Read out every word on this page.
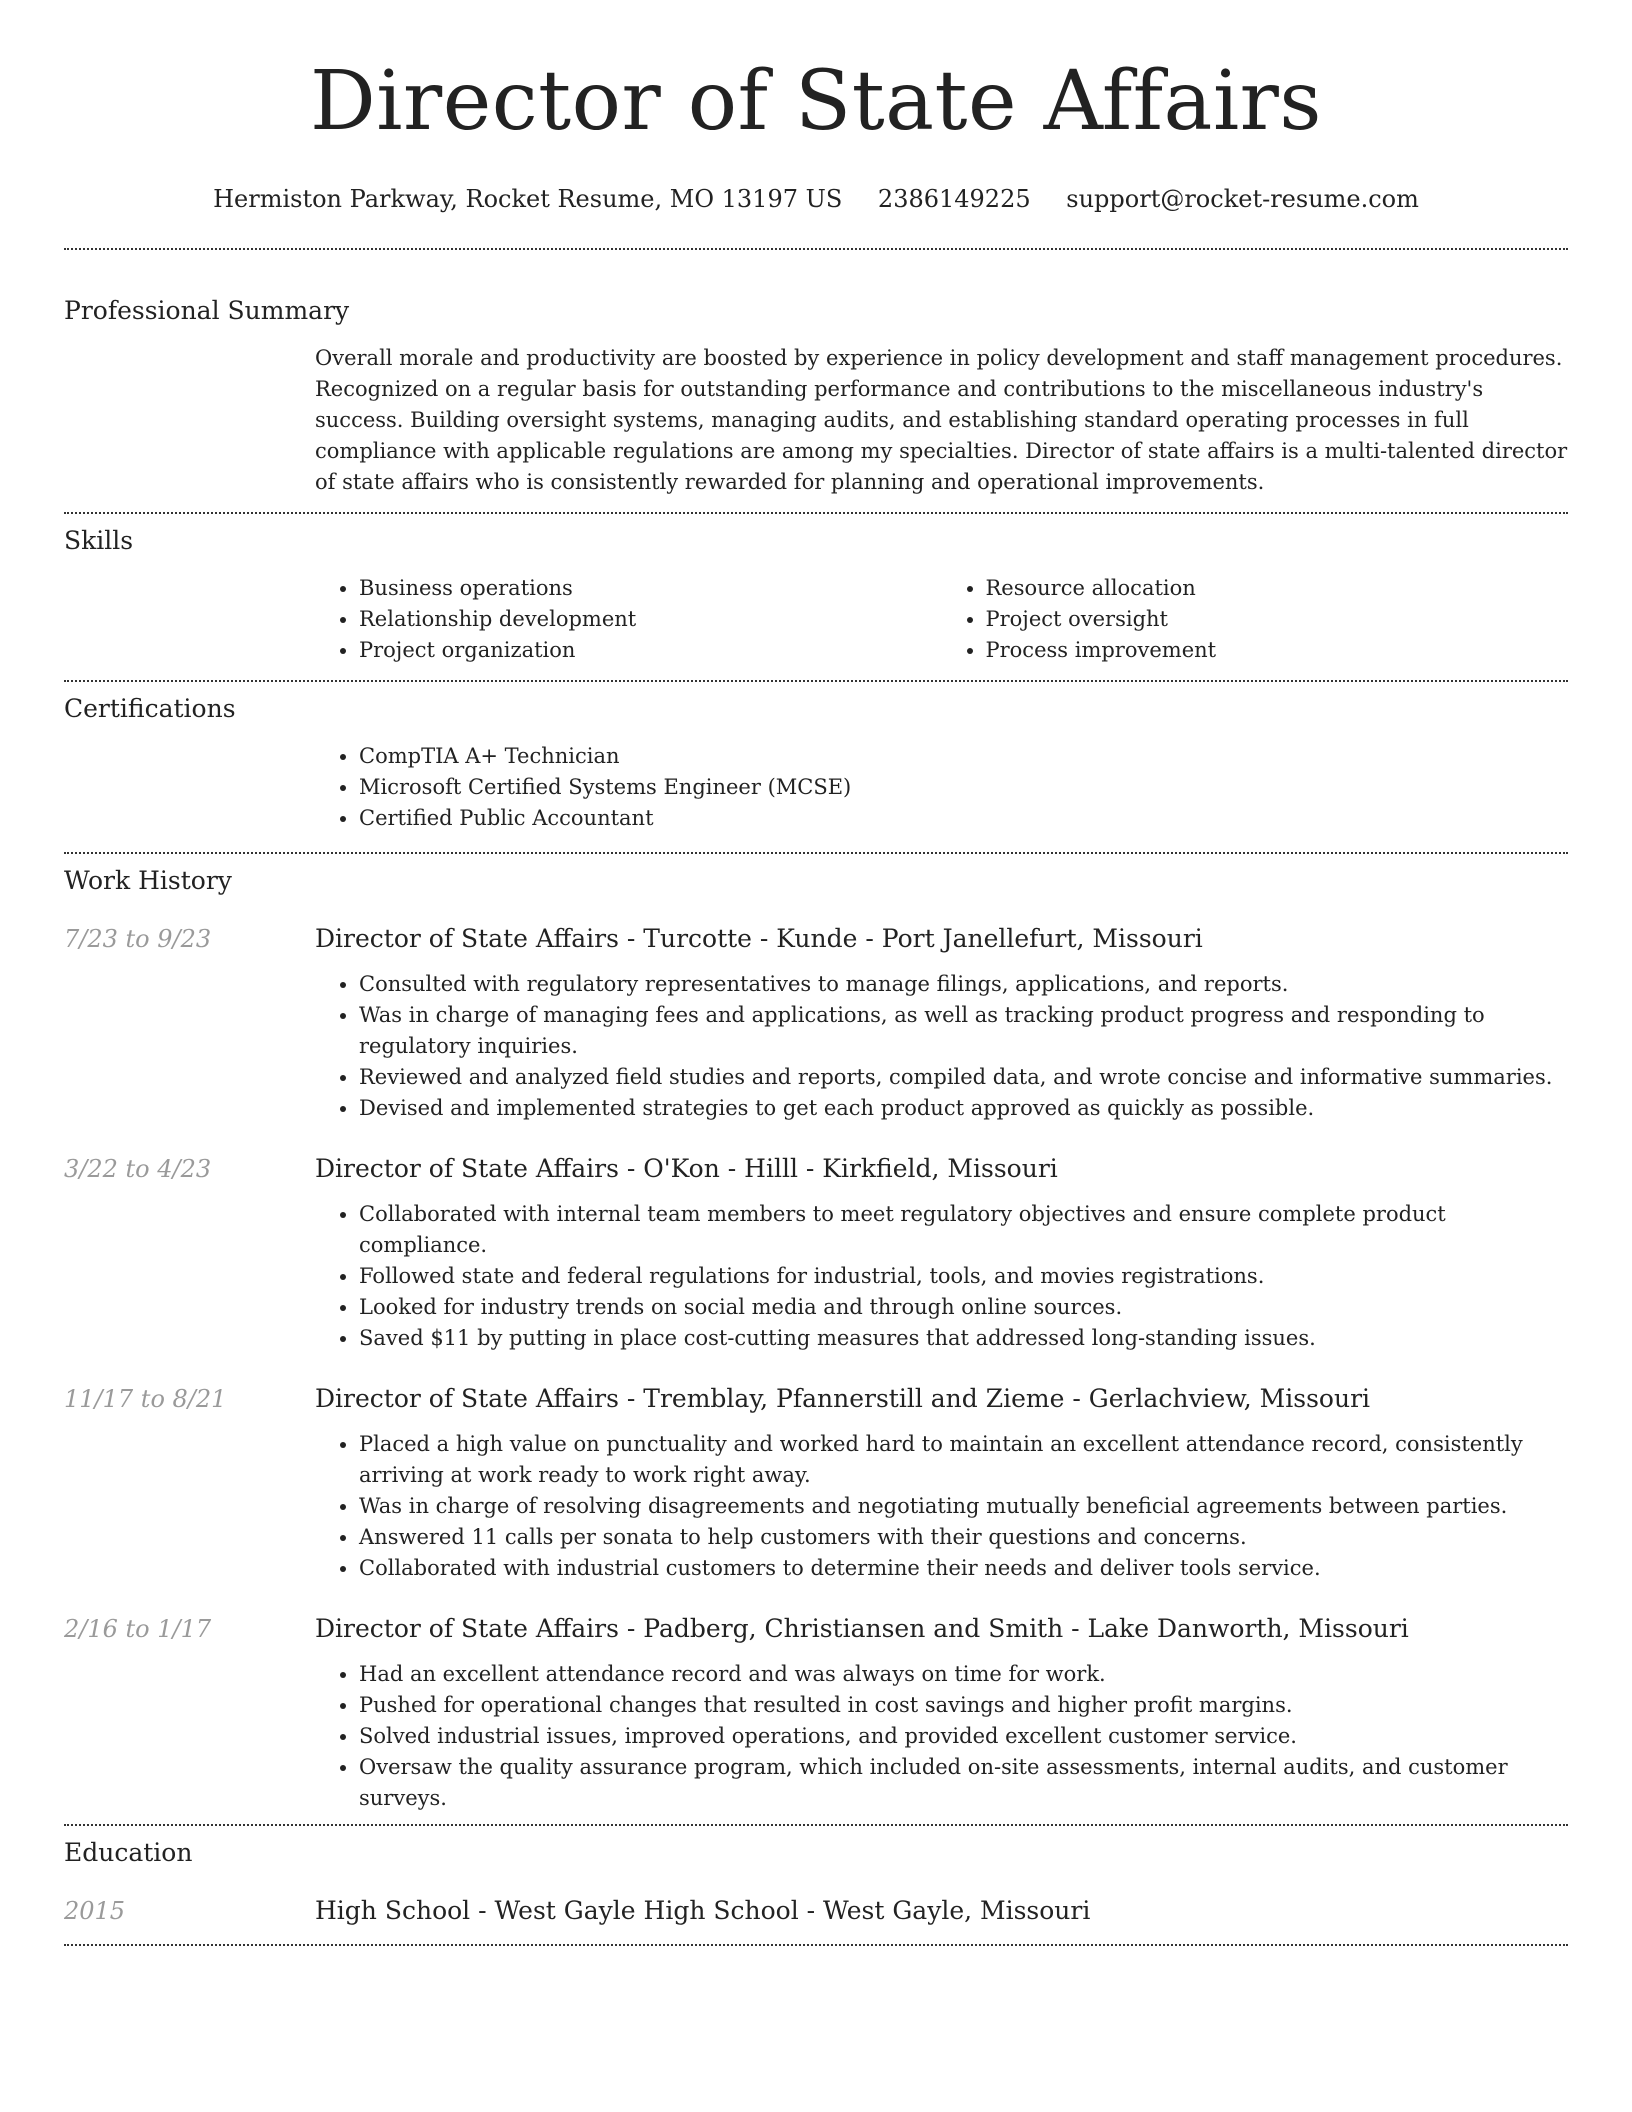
Director of State Affairs
Hermiston Parkway, Rocket Resume, MO 13197 US 2386149225 support@rocket-resume.com
Professional Summary

Overall morale and productivity are boosted by experience in policy development and staff management procedures. Recognized on a regular basis for outstanding performance and contributions to the miscellaneous industry's success. Building oversight systems, managing audits, and establishing standard operating processes in full compliance with applicable regulations are among my specialties. Director of state affairs is a multi-talented director of state affairs who is consistently rewarded for planning and operational improvements.

Skills
• Business operations
• Relationship development
• Project organization
• Resource allocation
• Project oversight
• Process improvement
Certifications
• CompTIA A+ Technician
• Microsoft Certified Systems Engineer (MCSE)
• Certified Public Accountant
Work History
7/23 to 9/23	Director of State Affairs - Turcotte - Kunde - Port Janellefurt, Missouri
• Consulted with regulatory representatives to manage filings, applications, and reports.
• Was in charge of managing fees and applications, as well as tracking product progress and responding to regulatory inquiries.
• Reviewed and analyzed field studies and reports, compiled data, and wrote concise and informative summaries.
• Devised and implemented strategies to get each product approved as quickly as possible.
3/22 to 4/23	Director of State Affairs - O'Kon - Hilll - Kirkfield, Missouri
• Collaborated with internal team members to meet regulatory objectives and ensure complete product compliance.
• Followed state and federal regulations for industrial, tools, and movies registrations.
• Looked for industry trends on social media and through online sources.
• Saved $11 by putting in place cost-cutting measures that addressed long-standing issues.
11/17 to 8/21	Director of State Affairs - Tremblay, Pfannerstill and Zieme - Gerlachview, Missouri
• Placed a high value on punctuality and worked hard to maintain an excellent attendance record, consistently arriving at work ready to work right away.
• Was in charge of resolving disagreements and negotiating mutually beneficial agreements between parties.
• Answered 11 calls per sonata to help customers with their questions and concerns.
• Collaborated with industrial customers to determine their needs and deliver tools service.
2/16 to 1/17	Director of State Affairs - Padberg, Christiansen and Smith - Lake Danworth, Missouri
• Had an excellent attendance record and was always on time for work.
• Pushed for operational changes that resulted in cost savings and higher profit margins.
• Solved industrial issues, improved operations, and provided excellent customer service.
• Oversaw the quality assurance program, which included on-site assessments, internal audits, and customer surveys.
Education
2015	High School - West Gayle High School - West Gayle, Missouri
